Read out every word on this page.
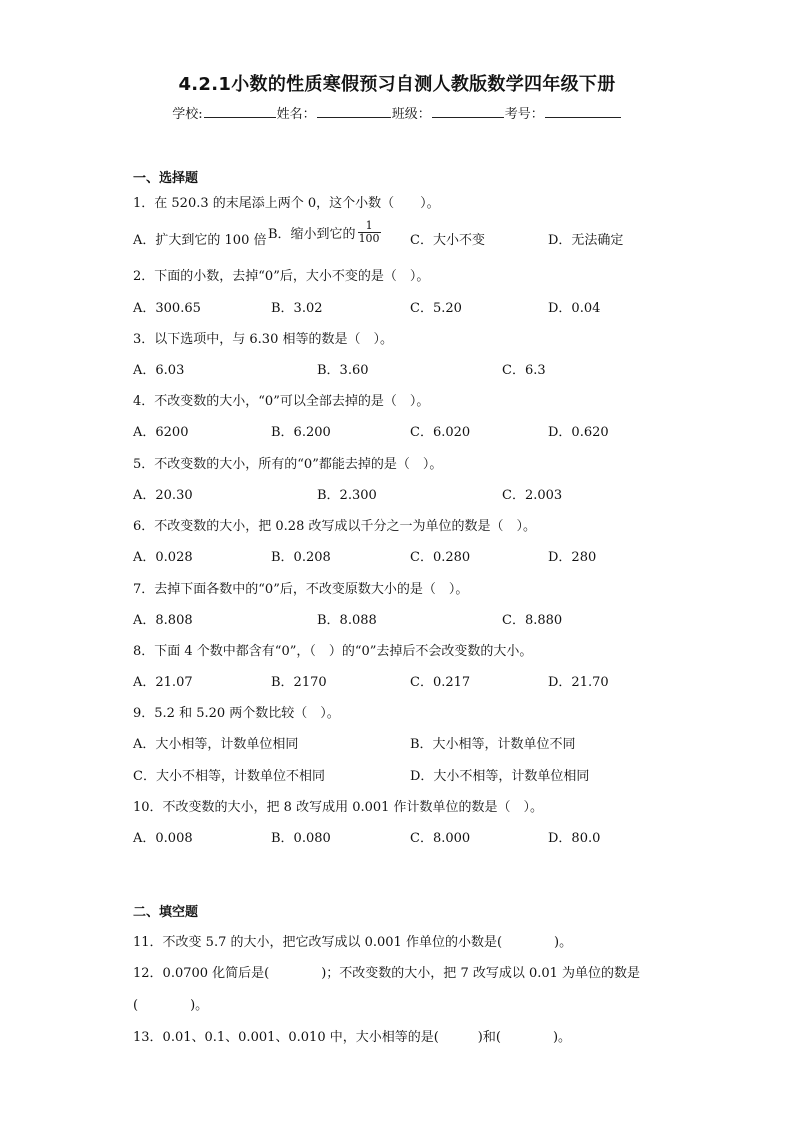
4.2.1小数的性质寒假预习自测人教版数学四年级下册
学校:	姓名：	班级：	考号：
一、选择题
1．在 520.3 的末尾添上两个 0，这个小数（　　）。
A．扩大到它的 100 倍 B．缩小到它的 $\frac{1}{100}$ C．大小不变	D．无法确定
2．下面的小数，去掉“0”后，大小不变的是（　）。
A．300.65	B．3.02	C．5.20	D．0.04
3．以下选项中，与 6.30 相等的数是（　）。
A．6.03	B．3.60	C．6.3
4．不改变数的大小，“0”可以全部去掉的是（　）。
A．6200	B．6.200	C．6.020	D．0.620
5．不改变数的大小，所有的“0”都能去掉的是（　）。
A．20.30	B．2.300	C．2.003
6．不改变数的大小，把 0.28 改写成以千分之一为单位的数是（　）。
A．0.028	B．0.208	C．0.280	D．280
7．去掉下面各数中的“0”后，不改变原数大小的是（　）。
A．8.808	B．8.088	C．8.880
8．下面 4 个数中都含有“0”，（　）的“0”去掉后不会改变数的大小。
A．21.07	B．2170	C．0.217	D．21.70
9．5.2 和 5.20 两个数比较（　）。
A．大小相等，计数单位相同	B．大小相等，计数单位不同
C．大小不相等，计数单位不相同	D．大小不相等，计数单位相同
10．不改变数的大小，把 8 改写成用 0.001 作计数单位的数是（　）。
A．0.008	B．0.080	C．8.000	D．80.0
二、填空题
11．不改变 5.7 的大小，把它改写成以 0.001 作单位的小数是(　　　　)。
12．0.0700 化简后是(　　　　)；不改变数的大小，把 7 改写成以 0.01 为单位的数是
(　　　　)。
13．0.01、0.1、0.001、0.010 中，大小相等的是(　　　)和(　　　　)。
